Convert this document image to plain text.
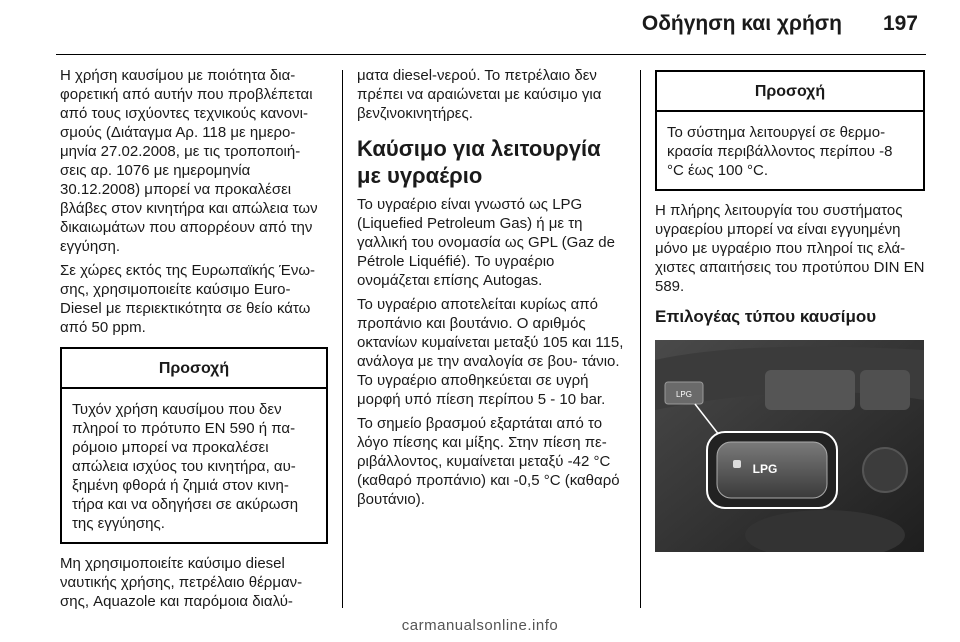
Οδήγηση και χρήση 197

Η χρήση καυσίμου με ποιότητα δια- φορετική από αυτήν που προβλέπεται από τους ισχύοντες τεχνικούς κανονι- σμούς (Διάταγμα Αρ. 118 με ημερο- μηνία 27.02.2008, με τις τροποποιή- σεις αρ. 1076 με ημερομηνία 30.12.2008) μπορεί να προκαλέσει βλάβες στον κινητήρα και απώλεια των δικαιωμάτων που απορρέουν από την εγγύηση.

Σε χώρες εκτός της Ευρωπαϊκής Ένω- σης, χρησιμοποιείτε καύσιμο Euro- Diesel με περιεκτικότητα σε θείο κάτω από 50 ppm.

Προσοχή
Τυχόν χρήση καυσίμου που δεν πληροί το πρότυπο EN 590 ή πα- ρόμοιο μπορεί να προκαλέσει απώλεια ισχύος του κινητήρα, αυ- ξημένη φθορά ή ζημιά στον κινη- τήρα και να οδηγήσει σε ακύρωση της εγγύησης.

Μη χρησιμοποιείτε καύσιμο diesel ναυτικής χρήσης, πετρέλαιο θέρμαν- σης, Aquazole και παρόμοια διαλύ-

ματα diesel-νερού. Το πετρέλαιο δεν πρέπει να αραιώνεται με καύσιμο για βενζινοκινητήρες.

Καύσιμο για λειτουργία με υγραέριο

Το υγραέριο είναι γνωστό ως LPG (Liquefied Petroleum Gas) ή με τη γαλλική του ονομασία ως GPL (Gaz de Pétrole Liquéfié). Το υγραέριο ονομάζεται επίσης Autogas.

Το υγραέριο αποτελείται κυρίως από προπάνιο και βουτάνιο. Ο αριθμός οκτανίων κυμαίνεται μεταξύ 105 και 115, ανάλογα με την αναλογία σε βου- τάνιο. Το υγραέριο αποθηκεύεται σε υγρή μορφή υπό πίεση περίπου 5 - 10 bar.

Το σημείο βρασμού εξαρτάται από το λόγο πίεσης και μίξης. Στην πίεση πε- ριβάλλοντος, κυμαίνεται μεταξύ -42 °C (καθαρό προπάνιο) και -0,5 °C (καθαρό βουτάνιο).

Προσοχή
Το σύστημα λειτουργεί σε θερμο- κρασία περιβάλλοντος περίπου -8 °C έως 100 °C.

Η πλήρης λειτουργία του συστήματος υγραερίου μπορεί να είναι εγγυημένη μόνο με υγραέριο που πληροί τις ελά- χιστες απαιτήσεις του προτύπου DIN EN 589.

Επιλογέας τύπου καυσίμου
LPG
LPG
carmanualsonline.info
